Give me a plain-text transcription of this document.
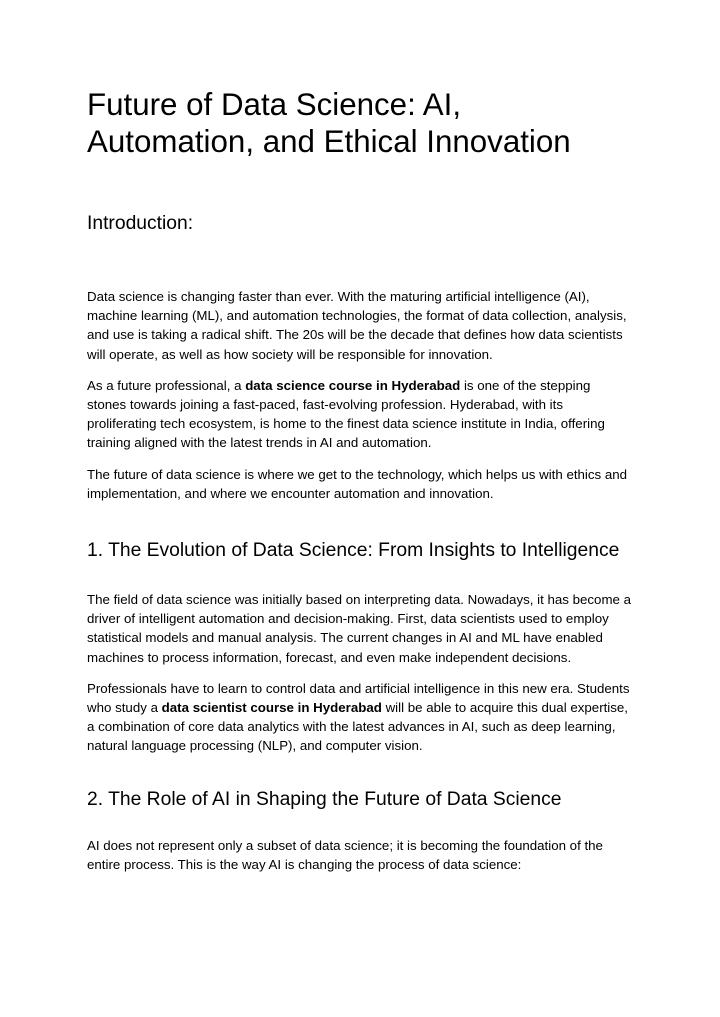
Future of Data Science: AI, Automation, and Ethical Innovation
Introduction:

Data science is changing faster than ever. With the maturing artificial intelligence (AI), machine learning (ML), and automation technologies, the format of data collection, analysis, and use is taking a radical shift. The 20s will be the decade that defines how data scientists will operate, as well as how society will be responsible for innovation.

As a future professional, a data science course in Hyderabad is one of the stepping stones towards joining a fast-paced, fast-evolving profession. Hyderabad, with its proliferating tech ecosystem, is home to the finest data science institute in India, offering training aligned with the latest trends in AI and automation.

The future of data science is where we get to the technology, which helps us with ethics and implementation, and where we encounter automation and innovation.

1. The Evolution of Data Science: From Insights to Intelligence

The field of data science was initially based on interpreting data. Nowadays, it has become a driver of intelligent automation and decision-making. First, data scientists used to employ statistical models and manual analysis. The current changes in AI and ML have enabled machines to process information, forecast, and even make independent decisions.

Professionals have to learn to control data and artificial intelligence in this new era. Students who study a data scientist course in Hyderabad will be able to acquire this dual expertise, a combination of core data analytics with the latest advances in AI, such as deep learning, natural language processing (NLP), and computer vision.

2. The Role of AI in Shaping the Future of Data Science

AI does not represent only a subset of data science; it is becoming the foundation of the entire process. This is the way AI is changing the process of data science:
